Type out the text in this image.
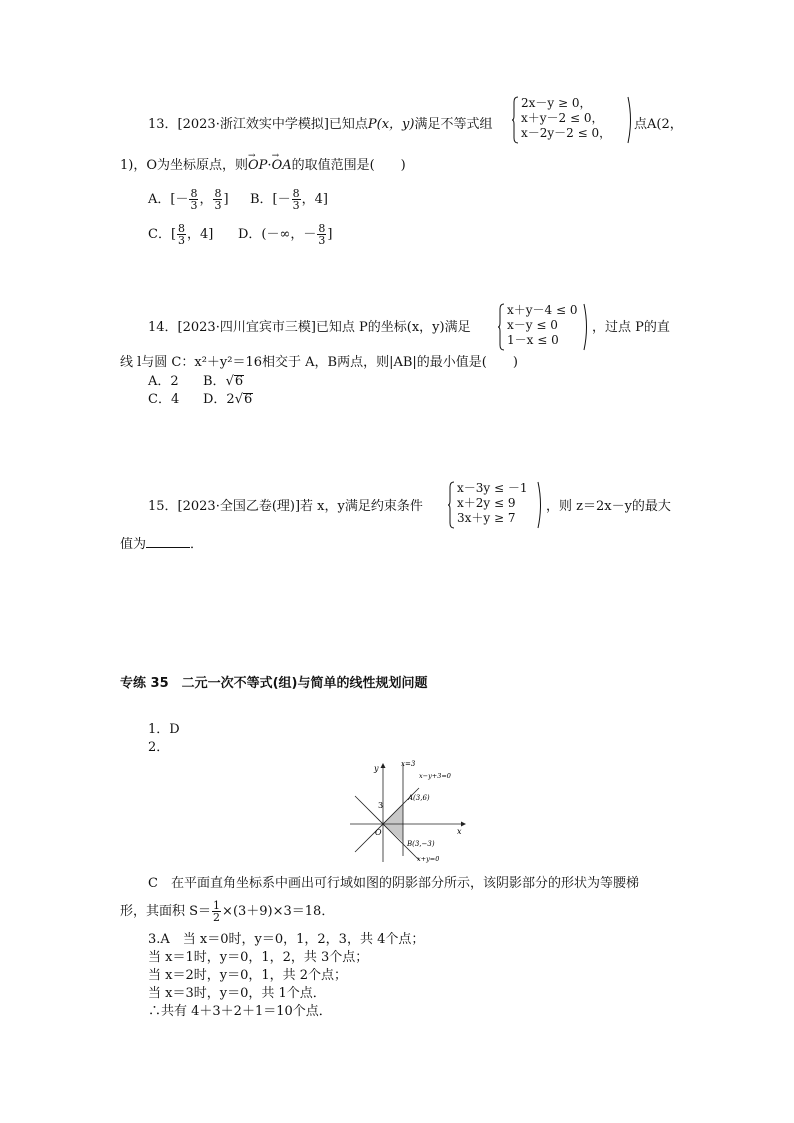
13．[2023·浙江效实中学模拟]已知点P(x，y)满足不等式组
2x－y ≥ 0，
x＋y－2 ≤ 0，
x－2y－2 ≤ 0，
点A(2，
1)，O为坐标原点，则→ OP·→ OA的取值范围是(　　)
A．[－ $\frac{8}{3}$ ， $\frac{8}{3}$ ] B．[－ $\frac{8}{3}$ ，4]
C．[ $\frac{8}{3}$ ，4] D．(－∞，－ $\frac{8}{3}$ ]
14．[2023·四川宜宾市三模]已知点 P的坐标(x，y)满足
x＋y－4 ≤ 0
x－y ≤ 0
1－x ≤ 0
，过点 P的直
线 l与圆 C：x²＋y²＝16相交于 A，B两点，则|AB|的最小值是(　　)
A．2 B．√6
C．4 D．2√6
15．[2023·全国乙卷(理)]若 x，y满足约束条件
x－3y ≤ －1
x＋2y ≤ 9
3x＋y ≥ 7
，则 z＝2x－y的最大
值为	．
专练 35　二元一次不等式(组)与简单的线性规划问题
1．D
2．
y
x
O
3
x=3
x−y+3=0
A(3,6)
B(3,−3)
x+y=0
C　在平面直角坐标系中画出可行域如图的阴影部分所示，该阴影部分的形状为等腰梯
形，其面积 $S= \frac{1}{2} \times(3+9)\times 3=18$．
3.A　当 x＝0时，y＝0，1，2，3，共 4个点；
当 x＝1时，y＝0，1，2，共 3个点；
当 x＝2时，y＝0，1，共 2个点；
当 x＝3时，y＝0，共 1个点．
∴共有 4＋3＋2＋1＝10个点．
